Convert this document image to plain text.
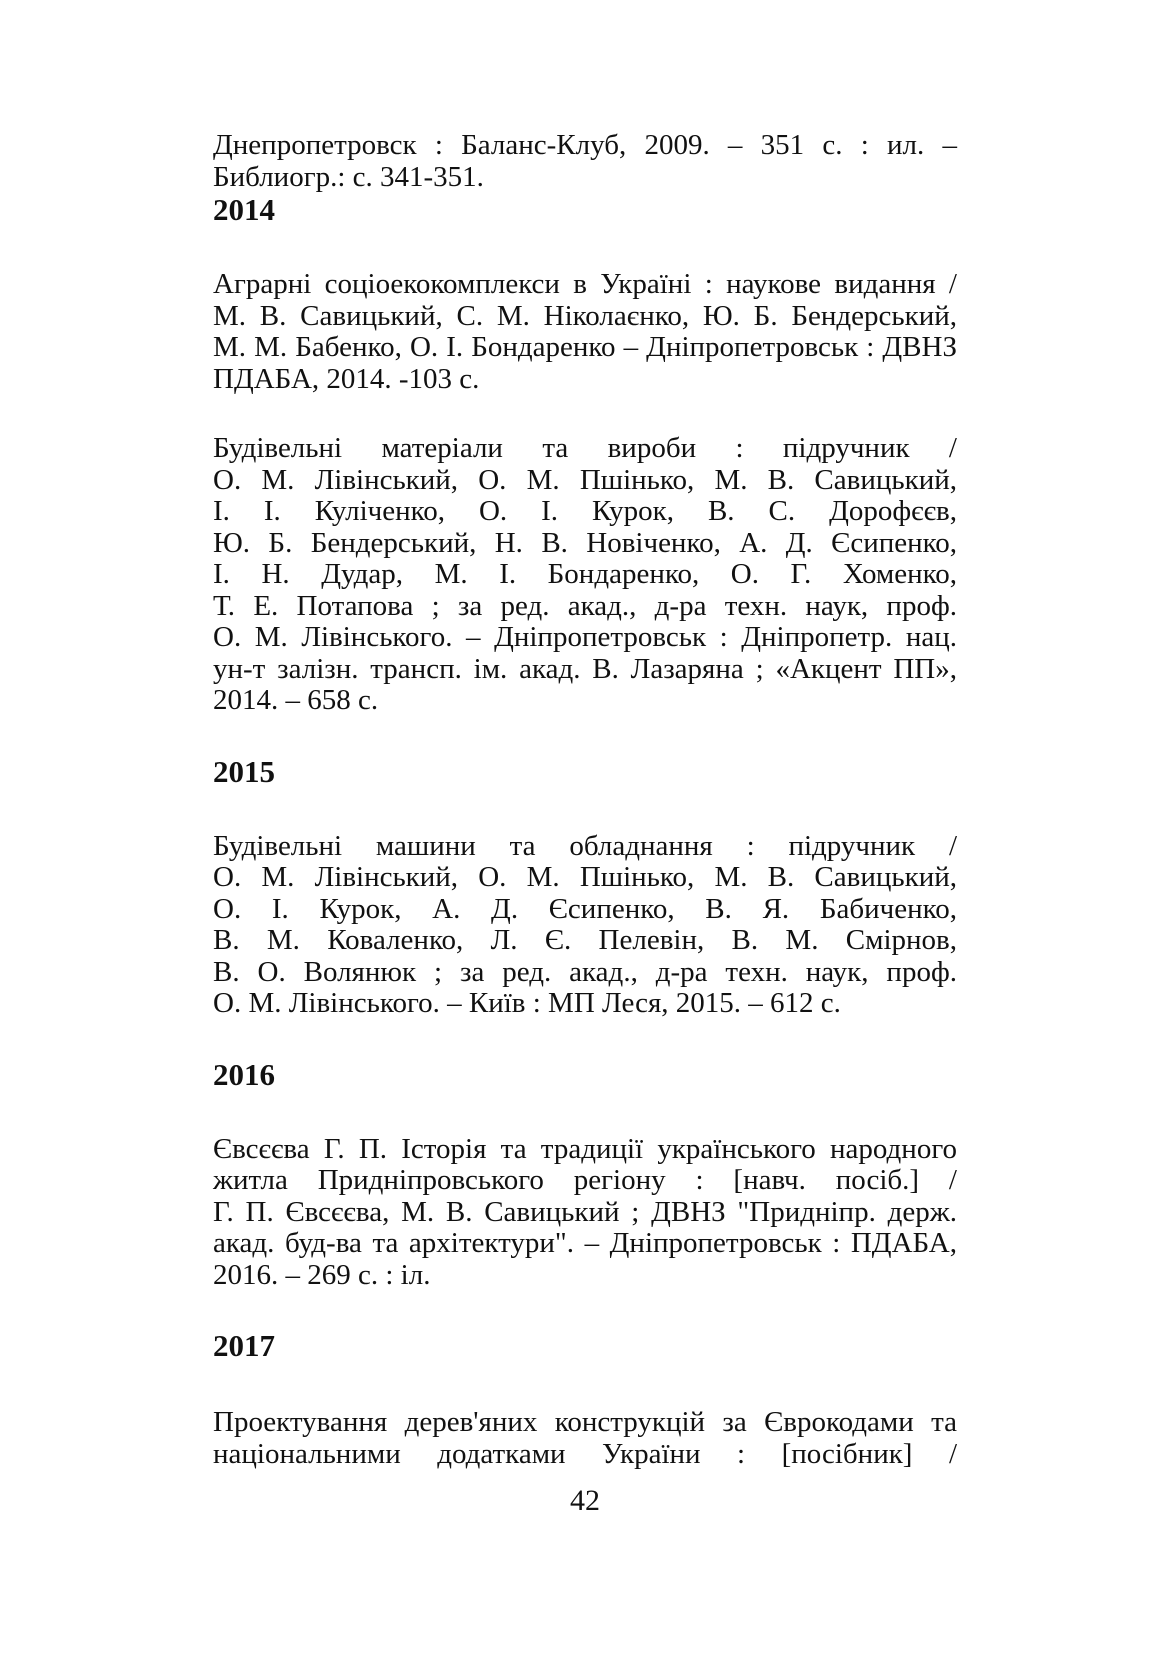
Днепропетровск : Баланс-Клуб, 2009. – 351 с. : ил. –
Библиогр.: с. 341-351.
2014
Аграрні соціоекокомплекси в Україні : наукове видання /
М. В. Савицький, С. М. Ніколаєнко, Ю. Б. Бендерський,
М. М. Бабенко, О. І. Бондаренко – Дніпропетровськ : ДВНЗ
ПДАБА, 2014. -103 с.
Будівельні матеріали та вироби : підручник /
О. М. Лівінський, О. М. Пшінько, М. В. Савицький,
І. І. Куліченко, О. І. Курок, В. С. Дорофєєв,
Ю. Б. Бендерський, Н. В. Новіченко, А. Д. Єсипенко,
І. Н. Дудар, М. І. Бондаренко, О. Г. Хоменко,
Т. Е. Потапова ; за ред. акад., д-ра техн. наук, проф.
О. М. Лівінського. – Дніпропетровськ : Дніпропетр. нац.
ун-т залізн. трансп. ім. акад. В. Лазаряна ; «Акцент ПП»,
2014. – 658 с.
2015
Будівельні машини та обладнання : підручник /
О. М. Лівінський, О. М. Пшінько, М. В. Савицький,
О. І. Курок, А. Д. Єсипенко, В. Я. Бабиченко,
В. М. Коваленко, Л. Є. Пелевін, В. М. Смірнов,
В. О. Волянюк ; за ред. акад., д-ра техн. наук, проф.
О. М. Лівінського. – Київ : МП Леся, 2015. – 612 с.
2016
Євсєєва Г. П. Історія та традиції українського народного
житла Придніпровського регіону : [навч. посіб.] /
Г. П. Євсєєва, М. В. Савицький ; ДВНЗ "Придніпр. держ.
акад. буд-ва та архітектури". – Дніпропетровськ : ПДАБА,
2016. – 269 с. : іл.
2017
Проектування дерев'яних конструкцій за Єврокодами та
національними додатками України : [посібник] /
42
